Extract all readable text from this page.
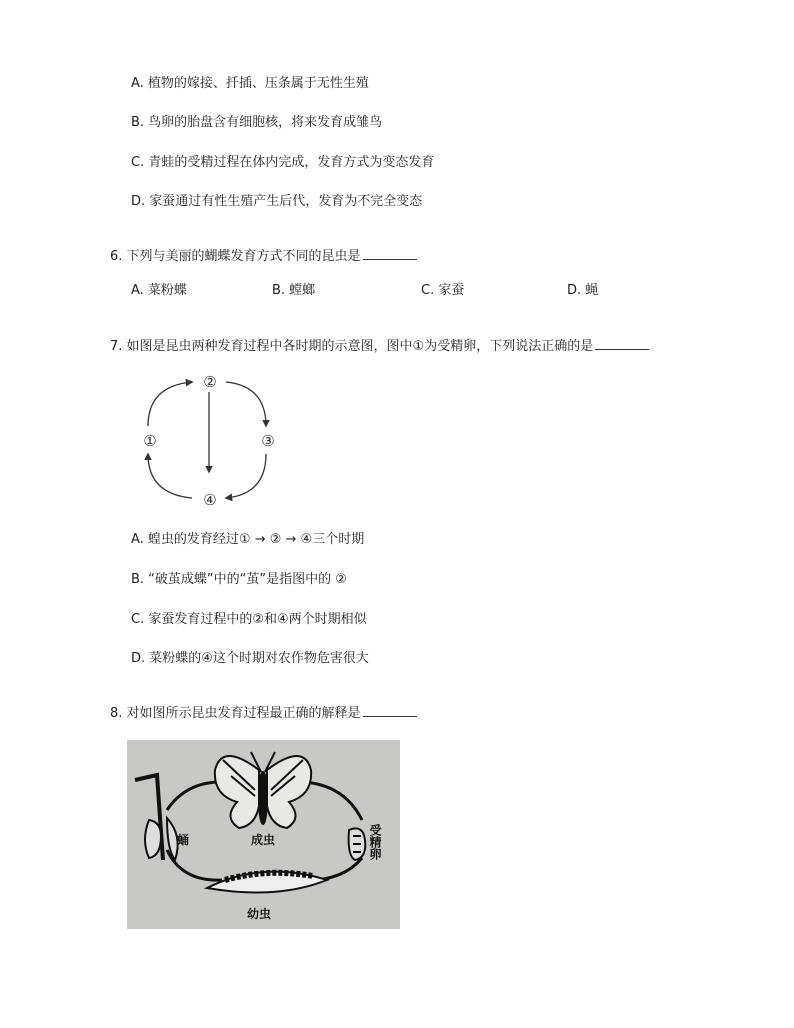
A. 植物的嫁接、扦插、压条属于无性生殖
B. 鸟卵的胎盘含有细胞核，将来发育成雏鸟
C. 青蛙的受精过程在体内完成，发育方式为变态发育
D. 家蚕通过有性生殖产生后代，发育为不完全变态
6. 下列与美丽的蝴蝶发育方式不同的昆虫是
A. 菜粉蝶	B. 螳螂	C. 家蚕	D. 蝇
7. 如图是昆虫两种发育过程中各时期的示意图，图中①为受精卵，下列说法正确的是
②
①	③
④
A. 蝗虫的发育经过① → ② → ④三个时期
B. “破茧成蝶”中的“茧”是指图中的 ②
C. 家蚕发育过程中的②和④两个时期相似
D. 菜粉蝶的④这个时期对农作物危害很大
8. 对如图所示昆虫发育过程最正确的解释是
成虫
蛹	受精卵
幼虫
